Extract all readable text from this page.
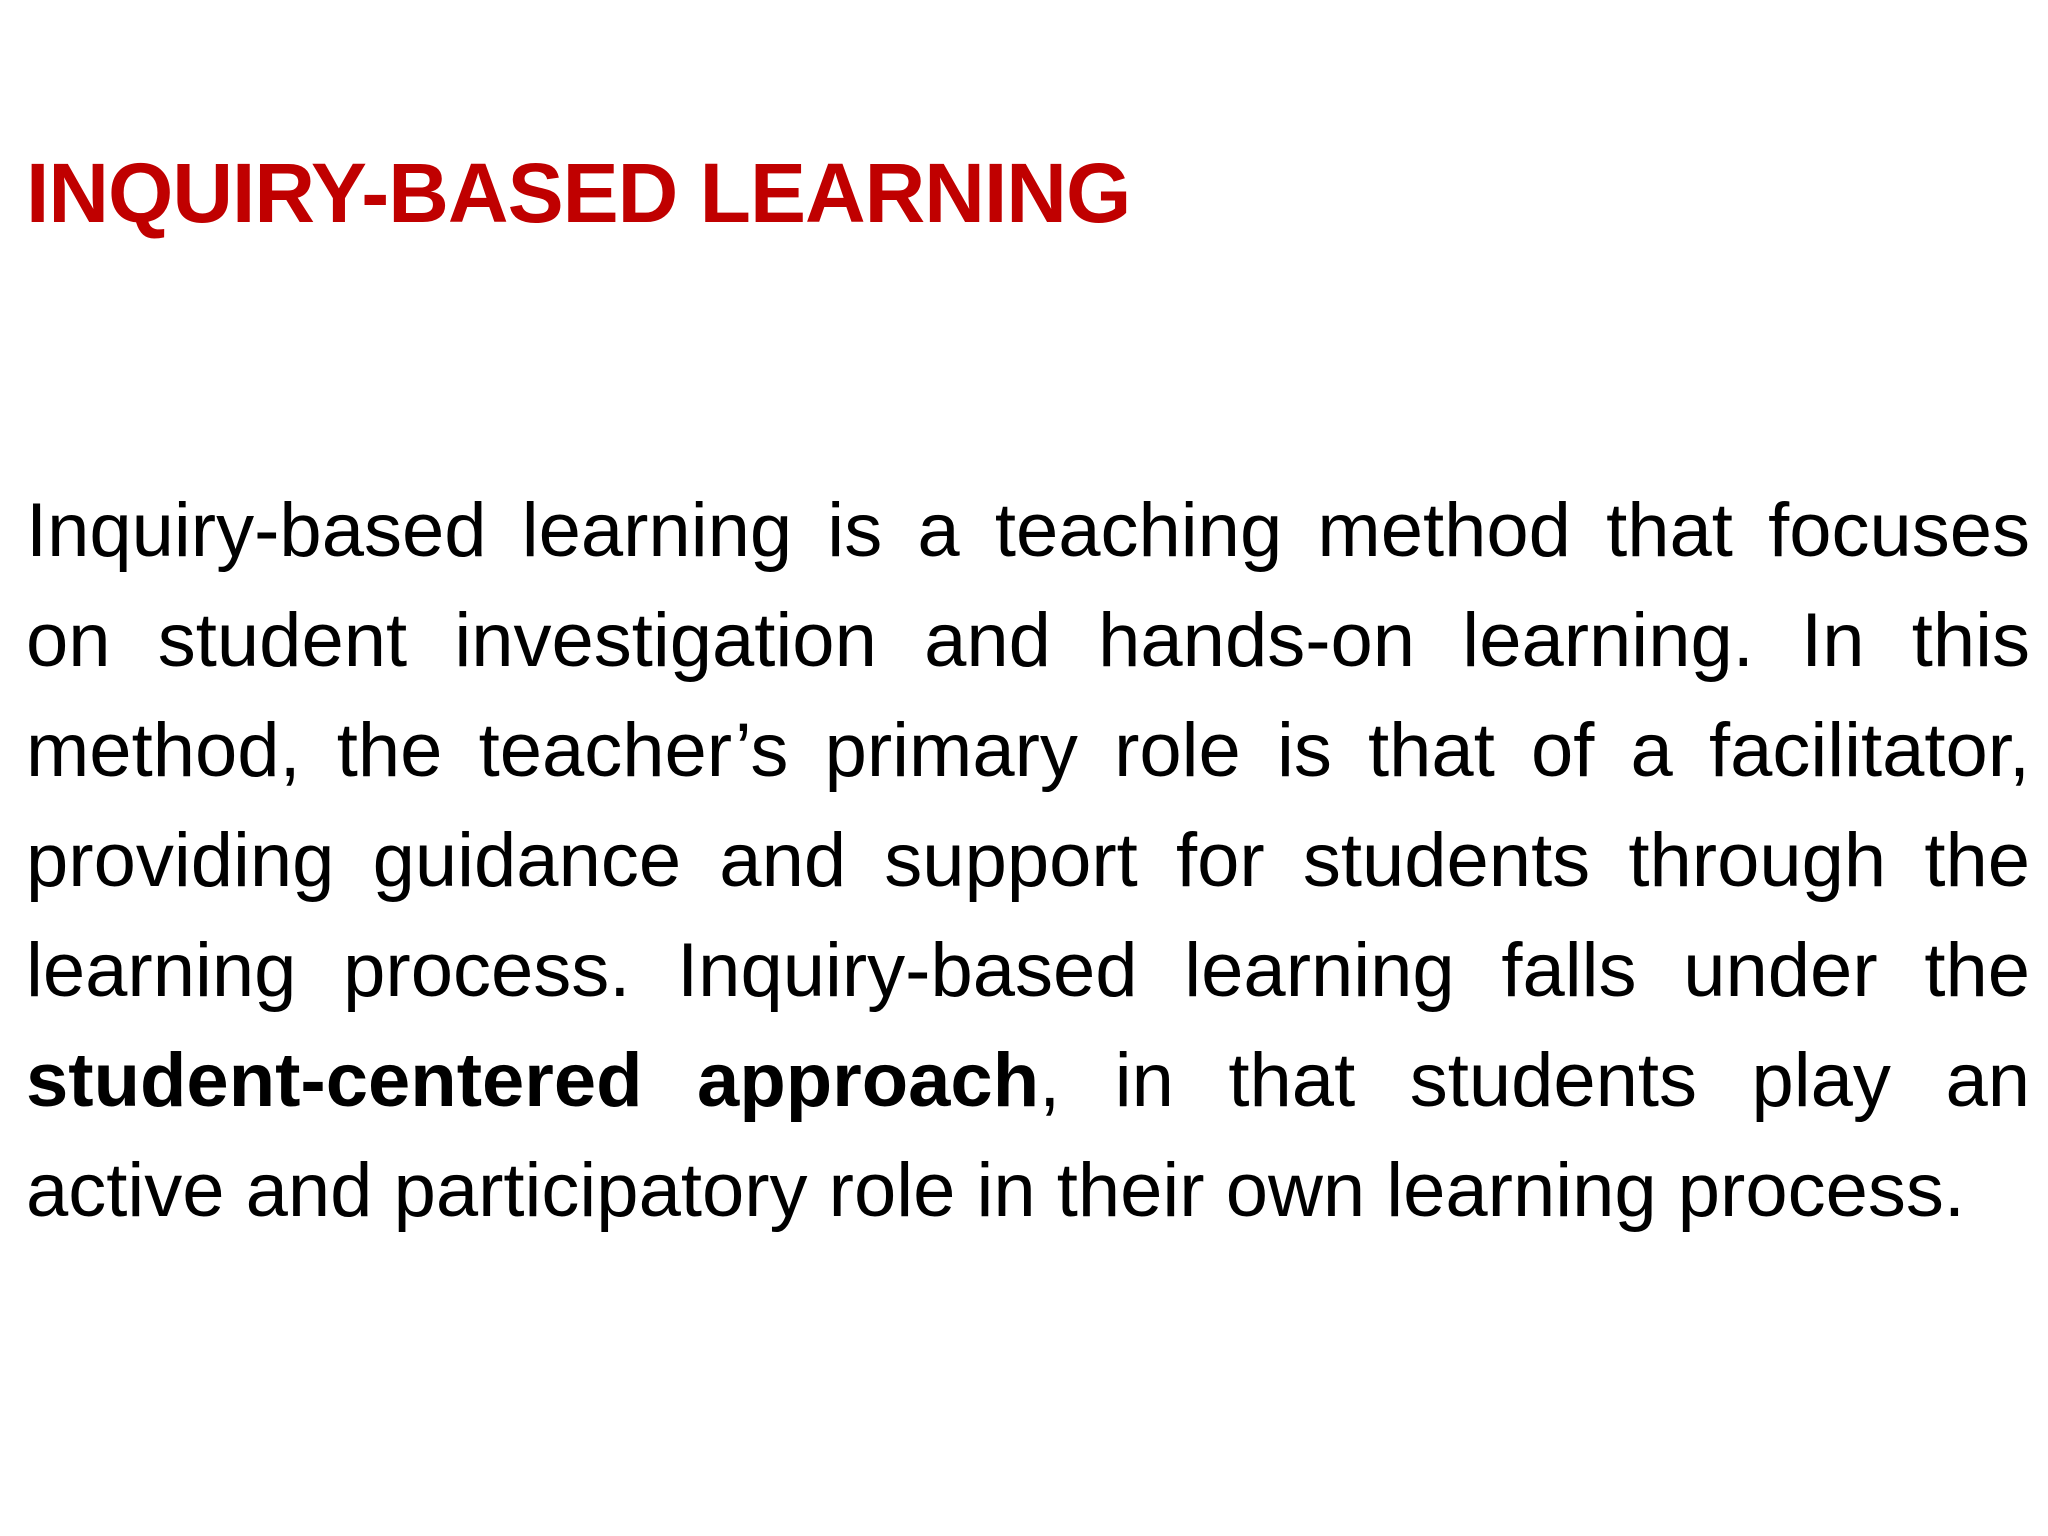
INQUIRY-BASED LEARNING

Inquiry-based learning is a teaching method that focuses on student investigation and hands-on learning. In this method, the teacher’s primary role is that of a facilitator, providing guidance and support for students through the learning process. Inquiry-based learning falls under the student-centered approach, in that students play an active and participatory role in their own learning process.
